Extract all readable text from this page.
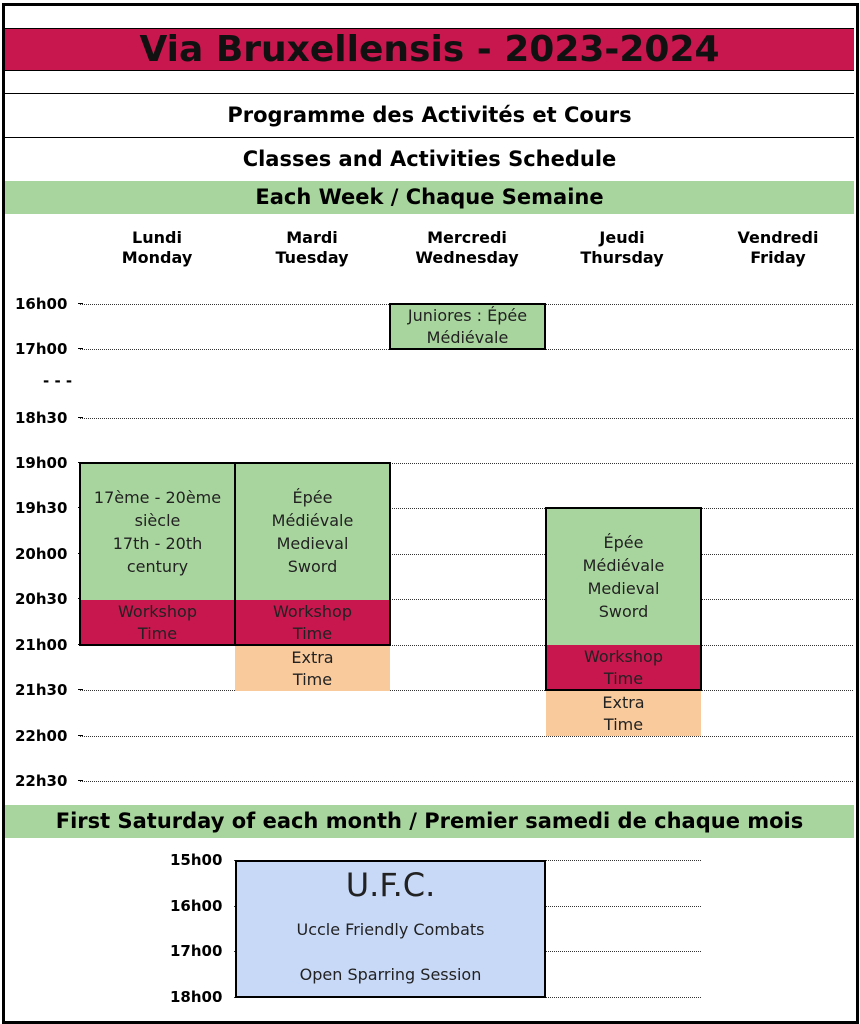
Via Bruxellensis - 2023-2024
Programme des Activités et Cours
Classes and Activities Schedule
Each Week / Chaque Semaine
Lundi
Monday
Mardi
Tuesday
Mercredi
Wednesday
Jeudi
Thursday
Vendredi
Friday
16h00
17h00
- - -
18h30
19h00
19h30
20h00
20h30
21h00
21h30
22h00
22h30
Juniores : Épée Médiévale
17ème - 20ème
siècle
17th - 20th
century
Workshop
Time
Épée
Médiévale
Medieval
Sword
Workshop
Time
Extra
Time
Épée
Médiévale
Medieval
Sword
Workshop
Time
Extra
Time
First Saturday of each month / Premier samedi de chaque mois
15h00
16h00
17h00
18h00
U.F.C.
Uccle Friendly Combats
Open Sparring Session
